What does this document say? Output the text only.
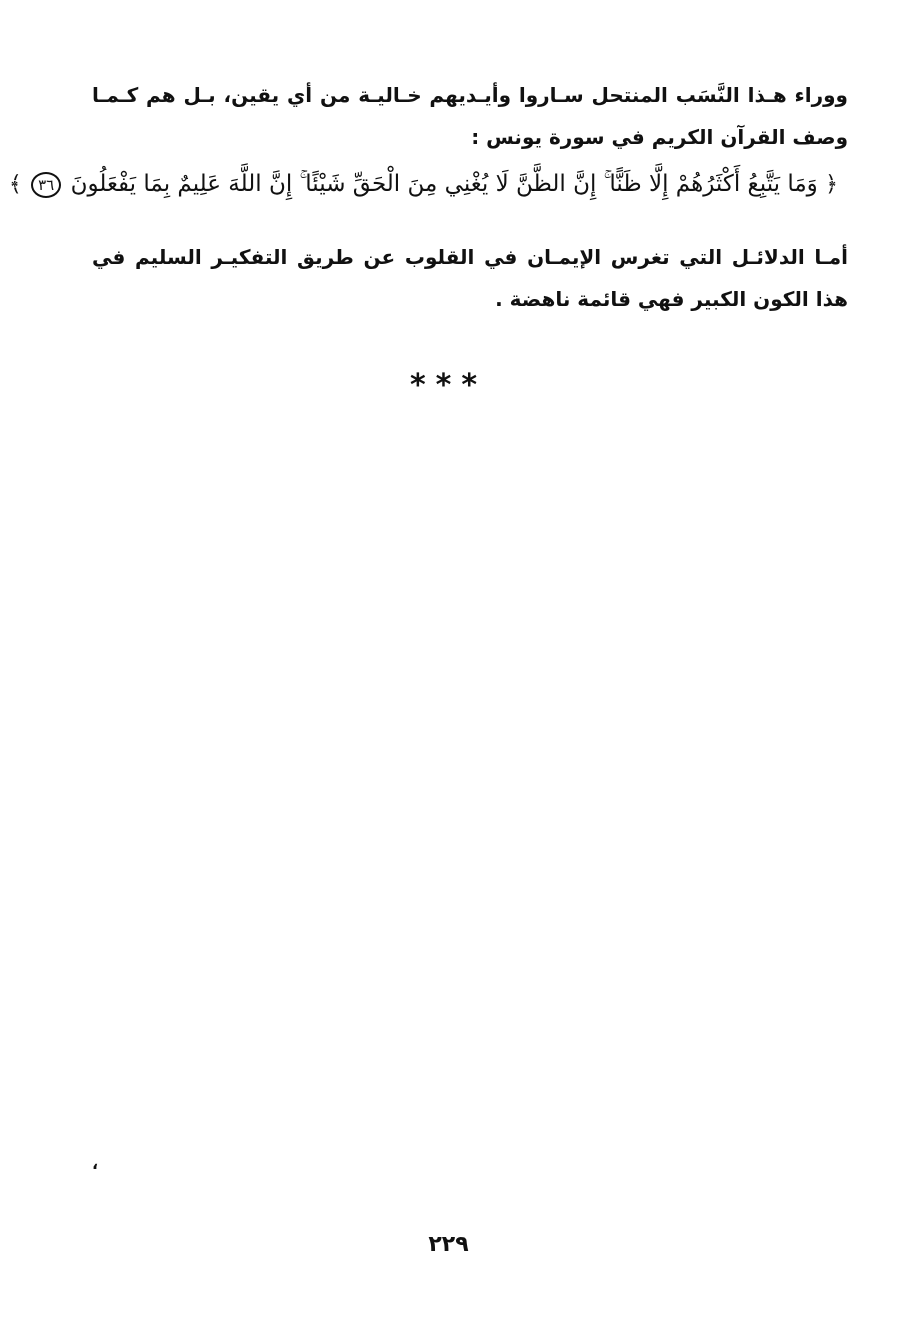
ووراء هـذا النَّسَب المنتحل سـاروا وأيـديهم خـاليـة من أي يقين، بـل هم كـمـا وصف القرآن الكريم في سورة يونس :

﴿ وَمَا يَتَّبِعُ أَكْثَرُهُمْ إِلَّا ظَنًّا ۚ إِنَّ الظَّنَّ لَا يُغْنِي مِنَ الْحَقِّ شَيْئًا ۚ إِنَّ اللَّهَ عَلِيمٌ بِمَا يَفْعَلُونَ ٣٦ ﴾

أمـا الدلائـل التي تغرس الإيمـان في القلوب عن طريق التفكيـر السليم في هذا الكون الكبير فهي قائمة ناهضة .

***
،
٢٢٩
